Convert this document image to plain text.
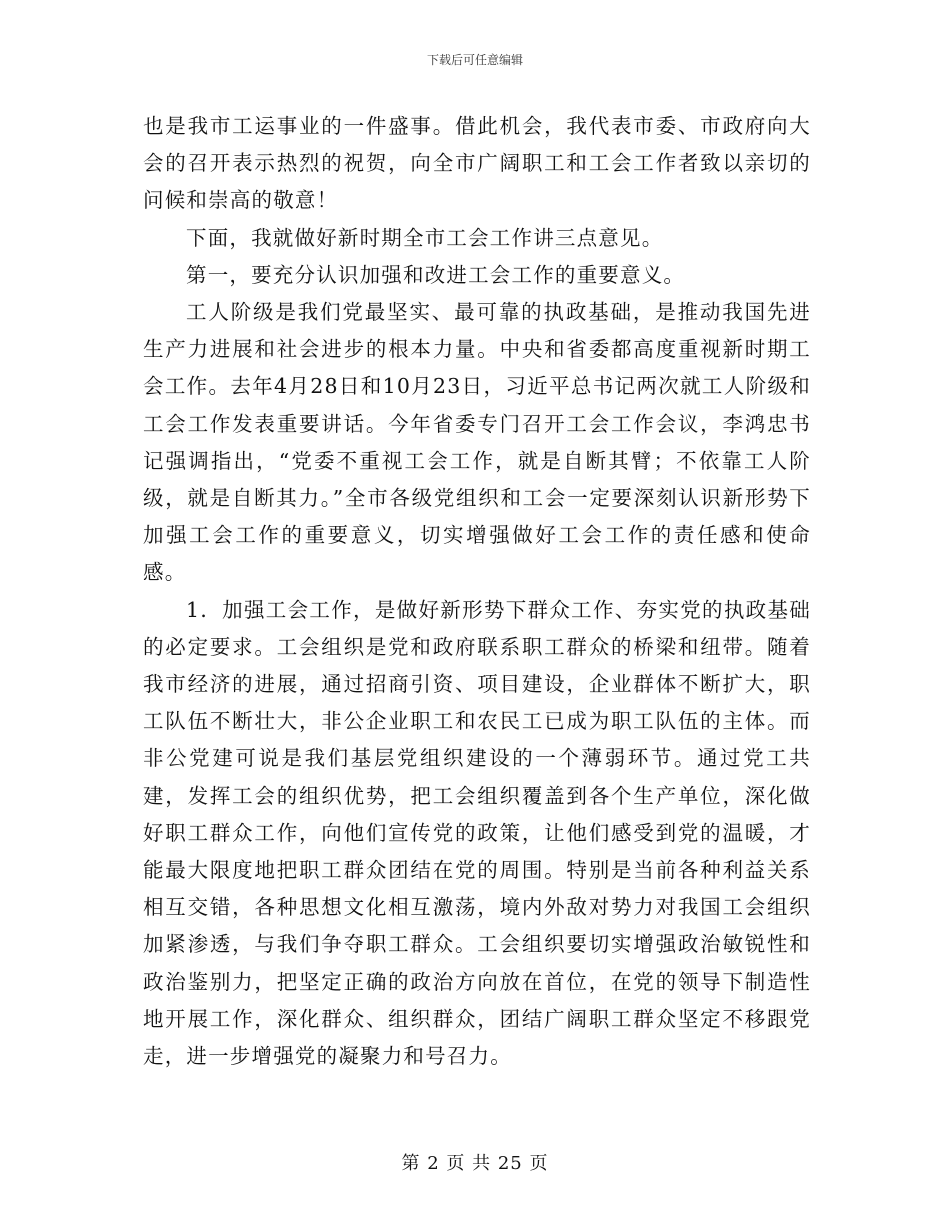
下载后可任意编辑

也是我市工运事业的一件盛事。借此机会，我代表市委、市政府向大会的召开表示热烈的祝贺，向全市广阔职工和工会工作者致以亲切的问候和崇高的敬意！

下面，我就做好新时期全市工会工作讲三点意见。

第一，要充分认识加强和改进工会工作的重要意义。

工人阶级是我们党最坚实、最可靠的执政基础，是推动我国先进生产力进展和社会进步的根本力量。中央和省委都高度重视新时期工会工作。去年4月28日和10月23日，习近平总书记两次就工人阶级和工会工作发表重要讲话。今年省委专门召开工会工作会议，李鸿忠书记强调指出，“党委不重视工会工作，就是自断其臂；不依靠工人阶级，就是自断其力。”全市各级党组织和工会一定要深刻认识新形势下加强工会工作的重要意义，切实增强做好工会工作的责任感和使命感。

1．加强工会工作，是做好新形势下群众工作、夯实党的执政基础的必定要求。工会组织是党和政府联系职工群众的桥梁和纽带。随着我市经济的进展，通过招商引资、项目建设，企业群体不断扩大，职工队伍不断壮大，非公企业职工和农民工已成为职工队伍的主体。而非公党建可说是我们基层党组织建设的一个薄弱环节。通过党工共建，发挥工会的组织优势，把工会组织覆盖到各个生产单位，深化做好职工群众工作，向他们宣传党的政策，让他们感受到党的温暖，才能最大限度地把职工群众团结在党的周围。特别是当前各种利益关系相互交错，各种思想文化相互激荡，境内外敌对势力对我国工会组织加紧渗透，与我们争夺职工群众。工会组织要切实增强政治敏锐性和政治鉴别力，把坚定正确的政治方向放在首位，在党的领导下制造性地开展工作，深化群众、组织群众，团结广阔职工群众坚定不移跟党走，进一步增强党的凝聚力和号召力。

第 2 页 共 25 页
